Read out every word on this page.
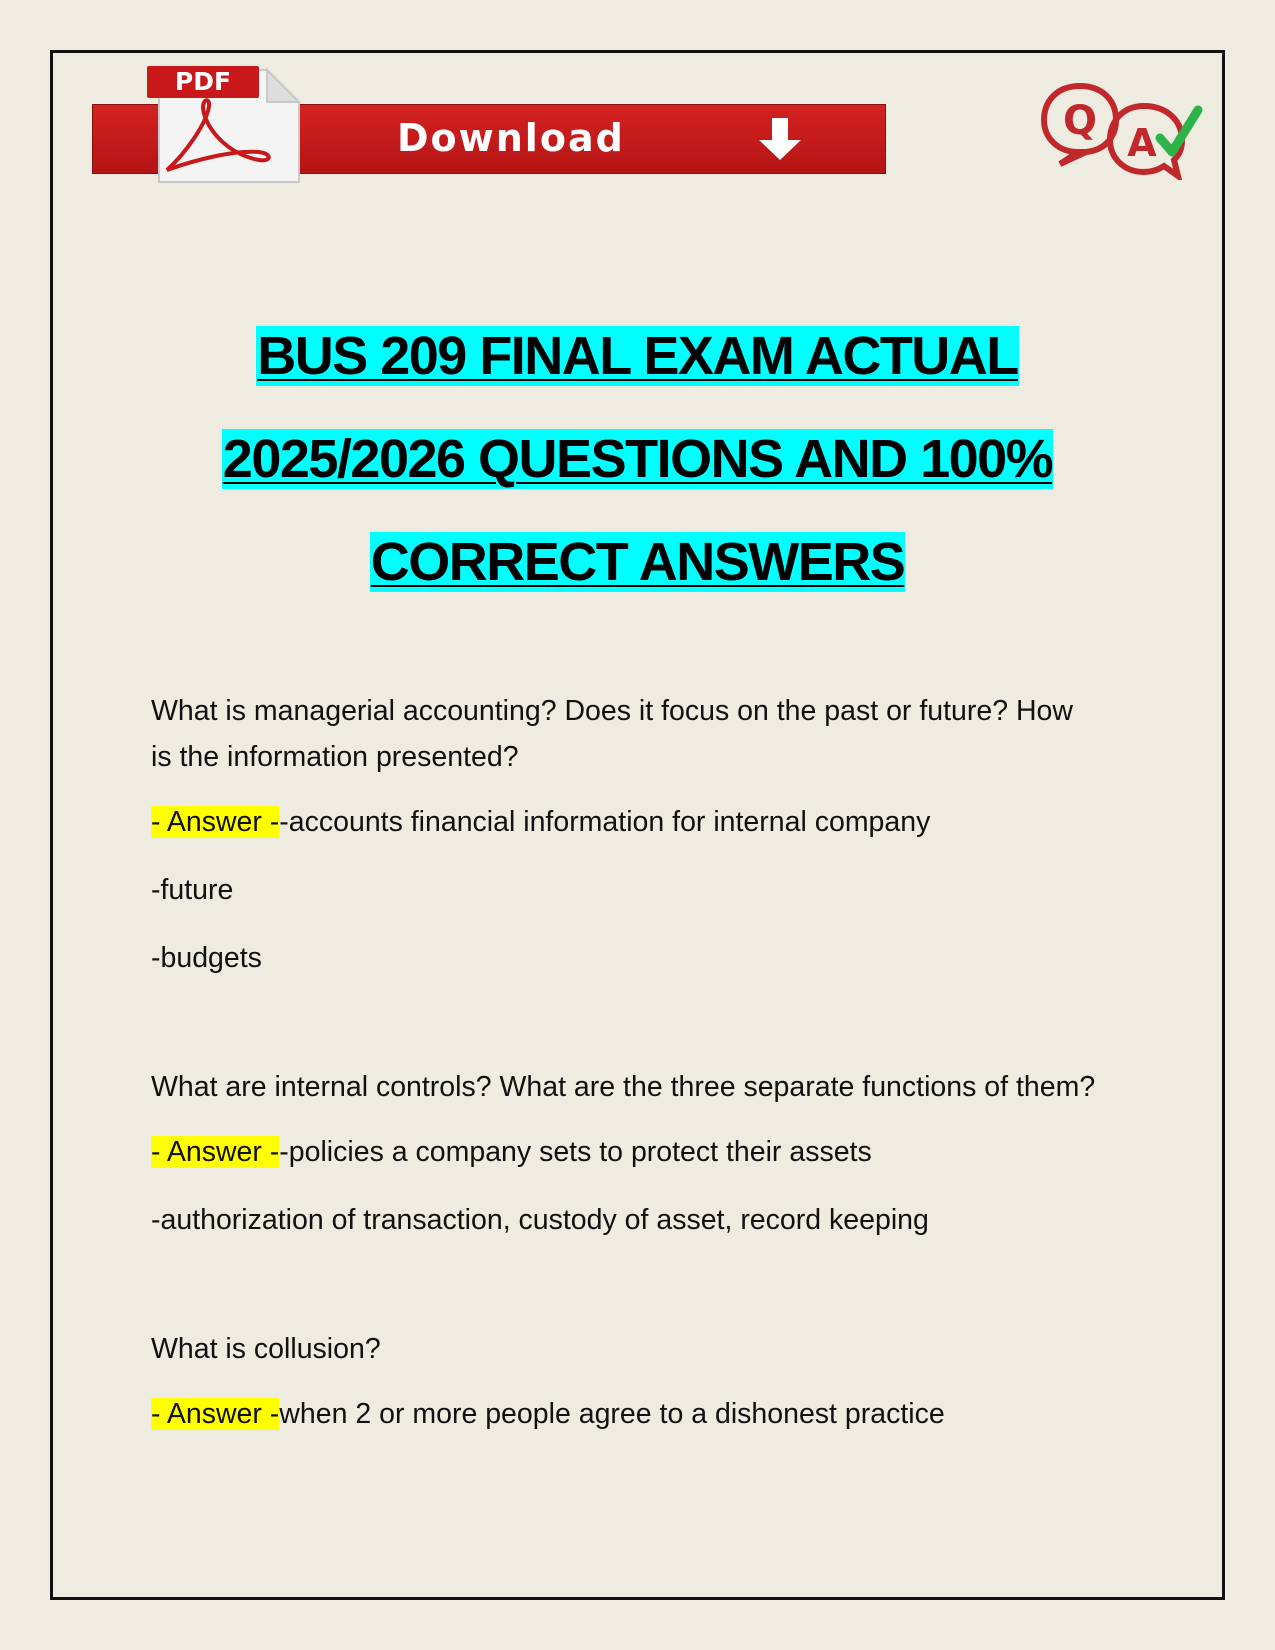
PDF
Download	Q A
BUS 209 FINAL EXAM ACTUAL
2025/2026 QUESTIONS AND 100%
CORRECT ANSWERS

What is managerial accounting? Does it focus on the past or future? How is the information presented?

- Answer --accounts financial information for internal company

-future

-budgets

What are internal controls? What are the three separate functions of them?

- Answer --policies a company sets to protect their assets

-authorization of transaction, custody of asset, record keeping

What is collusion?

- Answer -when 2 or more people agree to a dishonest practice
